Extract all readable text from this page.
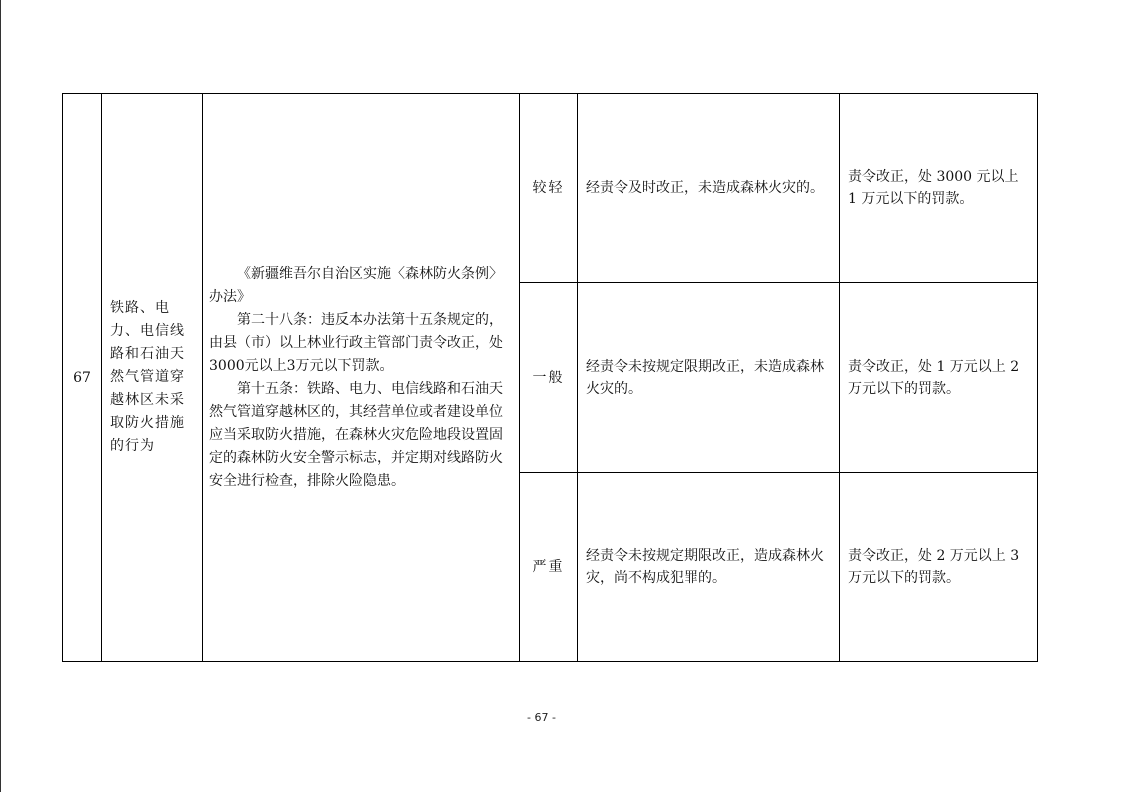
67	铁路、电力、电信线路和石油天然气管道穿越林区未采取防火措施的行为	《新疆维吾尔自治区实施〈森林防火条例〉办法》

第二十八条：违反本办法第十五条规定的，由县（市）以上林业行政主管部门责令改正，处3000元以上3万元以下罚款。

第十五条：铁路、电力、电信线路和石油天然气管道穿越林区的，其经营单位或者建设单位应当采取防火措施，在森林火灾危险地段设置固定的森林防火安全警示标志，并定期对线路防火安全进行检查，排除火险隐患。	较轻	经责令及时改正，未造成森林火灾的。	责令改正，处 3000 元以上 1 万元以下的罚款。
			一般	经责令未按规定限期改正，未造成森林火灾的。	责令改正，处 1 万元以上 2 万元以下的罚款。
			严重	经责令未按规定期限改正，造成森林火灾，尚不构成犯罪的。	责令改正，处 2 万元以上 3 万元以下的罚款。
- 67 -
